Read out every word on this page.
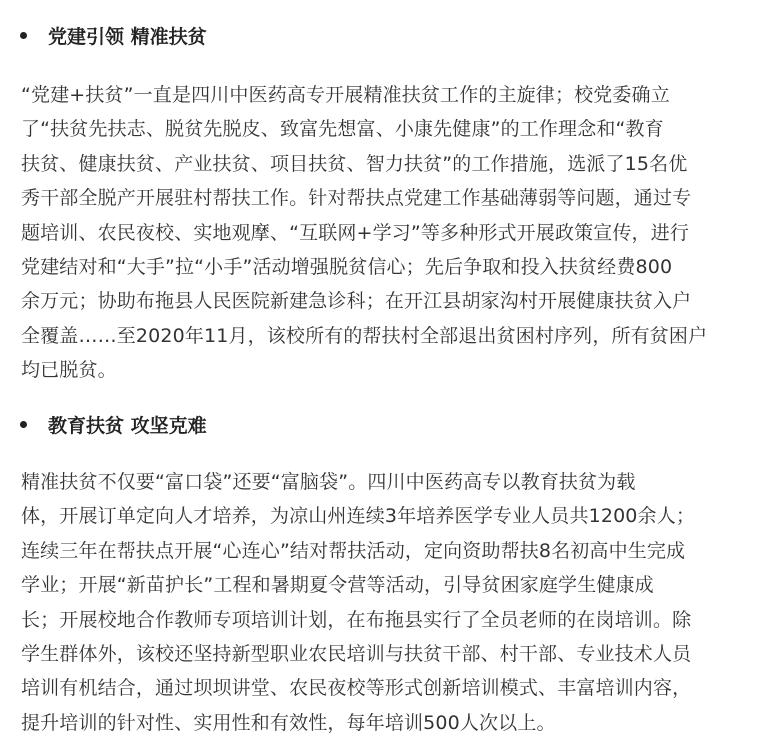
党建引领 精准扶贫
“党建+扶贫”一直是四川中医药高专开展精准扶贫工作的主旋律；校党委确立
了“扶贫先扶志、脱贫先脱皮、致富先想富、小康先健康”的工作理念和“教育
扶贫、健康扶贫、产业扶贫、项目扶贫、智力扶贫”的工作措施，选派了15名优
秀干部全脱产开展驻村帮扶工作。针对帮扶点党建工作基础薄弱等问题，通过专
题培训、农民夜校、实地观摩、“互联网+学习”等多种形式开展政策宣传，进行
党建结对和“大手”拉“小手”活动增强脱贫信心；先后争取和投入扶贫经费800
余万元；协助布拖县人民医院新建急诊科；在开江县胡家沟村开展健康扶贫入户
全覆盖……至2020年11月，该校所有的帮扶村全部退出贫困村序列，所有贫困户
均已脱贫。
教育扶贫 攻坚克难
精准扶贫不仅要“富口袋”还要“富脑袋”。四川中医药高专以教育扶贫为载
体，开展订单定向人才培养，为凉山州连续3年培养医学专业人员共1200余人；
连续三年在帮扶点开展“心连心”结对帮扶活动，定向资助帮扶8名初高中生完成
学业；开展“新苗护长”工程和暑期夏令营等活动，引导贫困家庭学生健康成
长；开展校地合作教师专项培训计划，在布拖县实行了全员老师的在岗培训。除
学生群体外，该校还坚持新型职业农民培训与扶贫干部、村干部、专业技术人员
培训有机结合，通过坝坝讲堂、农民夜校等形式创新培训模式、丰富培训内容，
提升培训的针对性、实用性和有效性，每年培训500人次以上。
